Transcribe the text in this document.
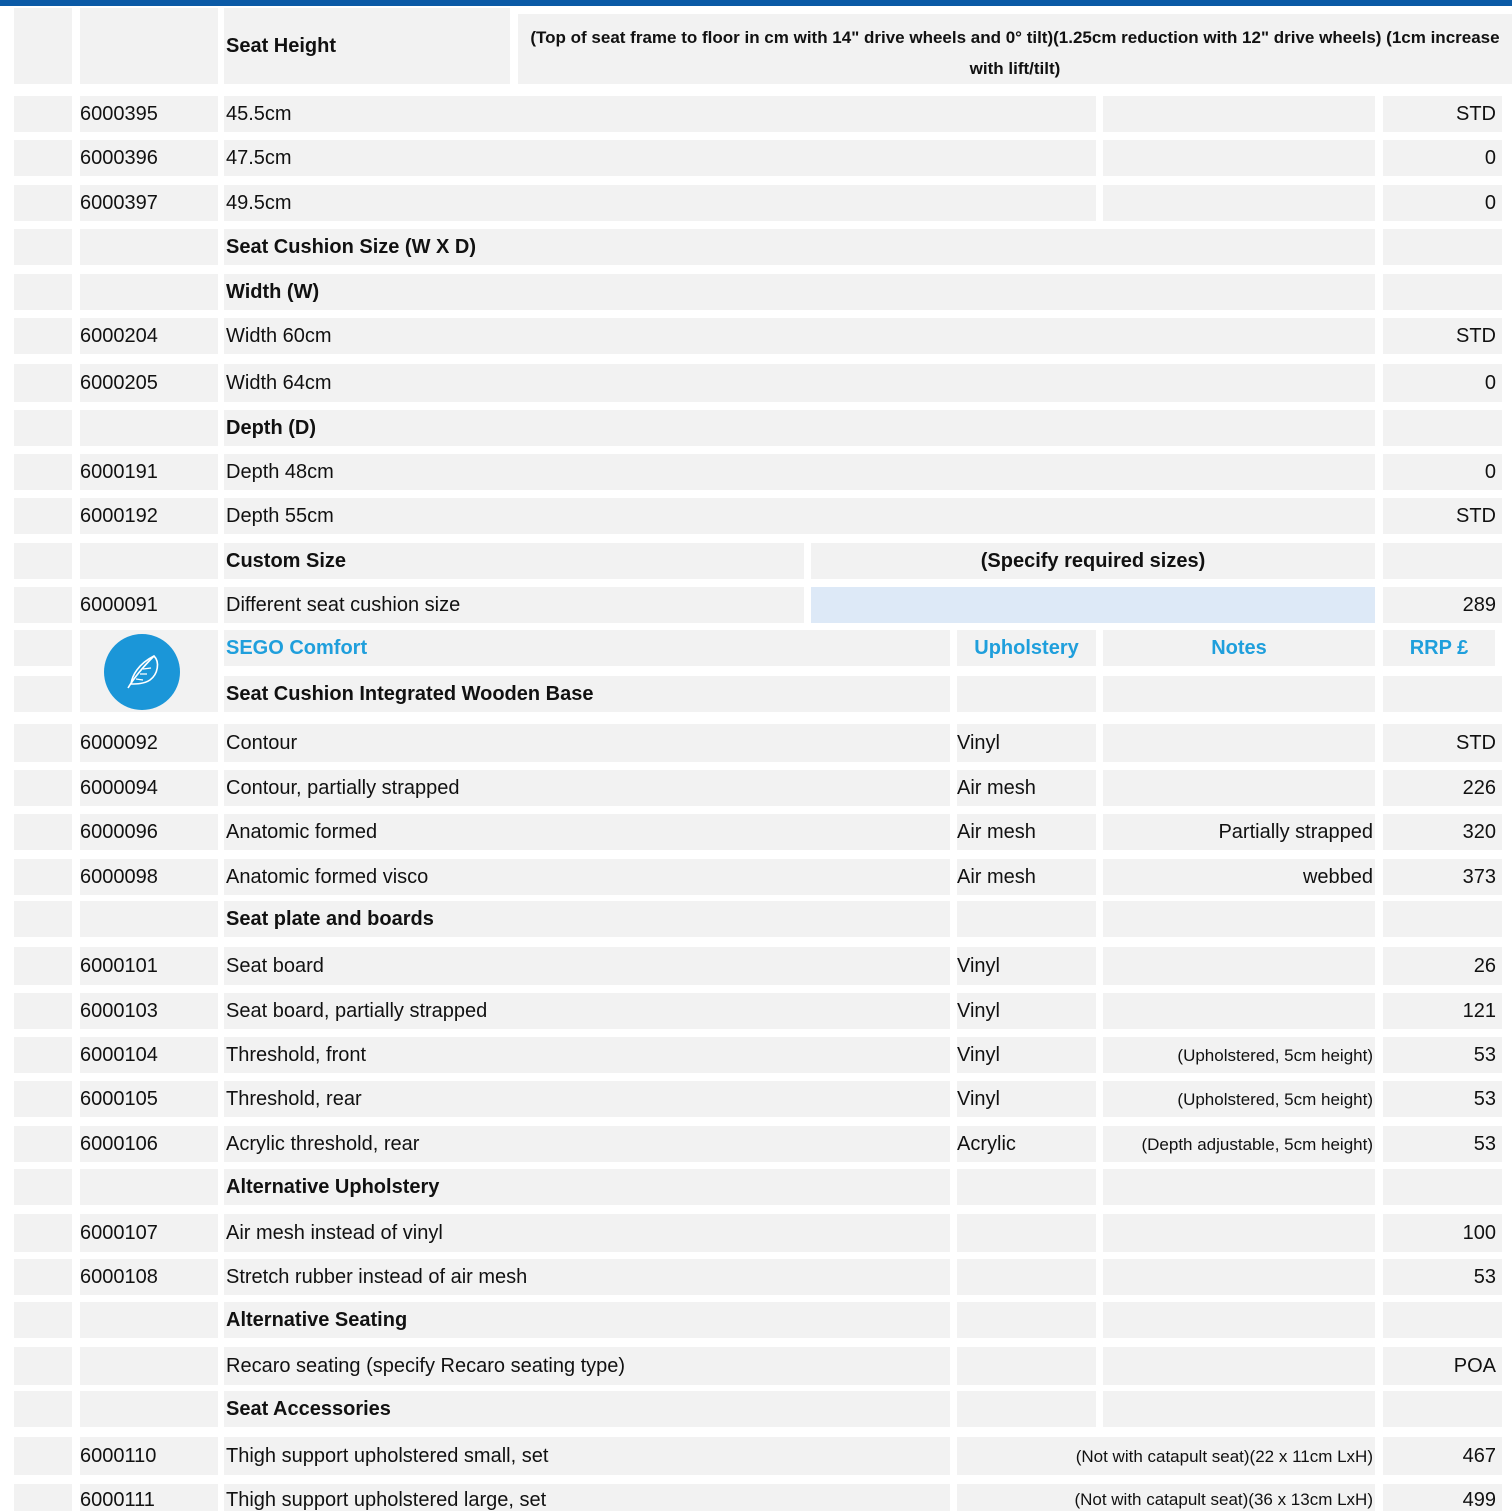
Seat Height	(Top of seat frame to floor in cm with 14" drive wheels and 0° tilt)(1.25cm reduction with 12" drive wheels) (1cm increase with lift/tilt)
6000395	45.5cm	STD
6000396	47.5cm	0
6000397	49.5cm	0
Seat Cushion Size (W X D)
Width (W)
6000204	Width 60cm	STD
6000205	Width 64cm	0
Depth (D)
6000191	Depth 48cm	0
6000192	Depth 55cm	STD
Custom Size	(Specify required sizes)
6000091	Different seat cushion size	289
SEGO Comfort	Upholstery	Notes	RRP £
Seat Cushion Integrated Wooden Base
6000092	Contour	Vinyl	STD
6000094	Contour, partially strapped	Air mesh	226
6000096	Anatomic formed	Air mesh	Partially strapped	320
6000098	Anatomic formed visco	Air mesh	webbed	373
Seat plate and boards
6000101	Seat board	Vinyl	26
6000103	Seat board, partially strapped	Vinyl	121
6000104	Threshold, front	Vinyl	(Upholstered, 5cm height)	53
6000105	Threshold, rear	Vinyl	(Upholstered, 5cm height)	53
6000106	Acrylic threshold, rear	Acrylic	(Depth adjustable, 5cm height)	53
Alternative Upholstery
6000107	Air mesh instead of vinyl	100
6000108	Stretch rubber instead of air mesh	53
Alternative Seating
Recaro seating (specify Recaro seating type)	POA
Seat Accessories
6000110	Thigh support upholstered small, set	(Not with catapult seat)(22 x 11cm LxH)	467
6000111	Thigh support upholstered large, set	(Not with catapult seat)(36 x 13cm LxH)	499
